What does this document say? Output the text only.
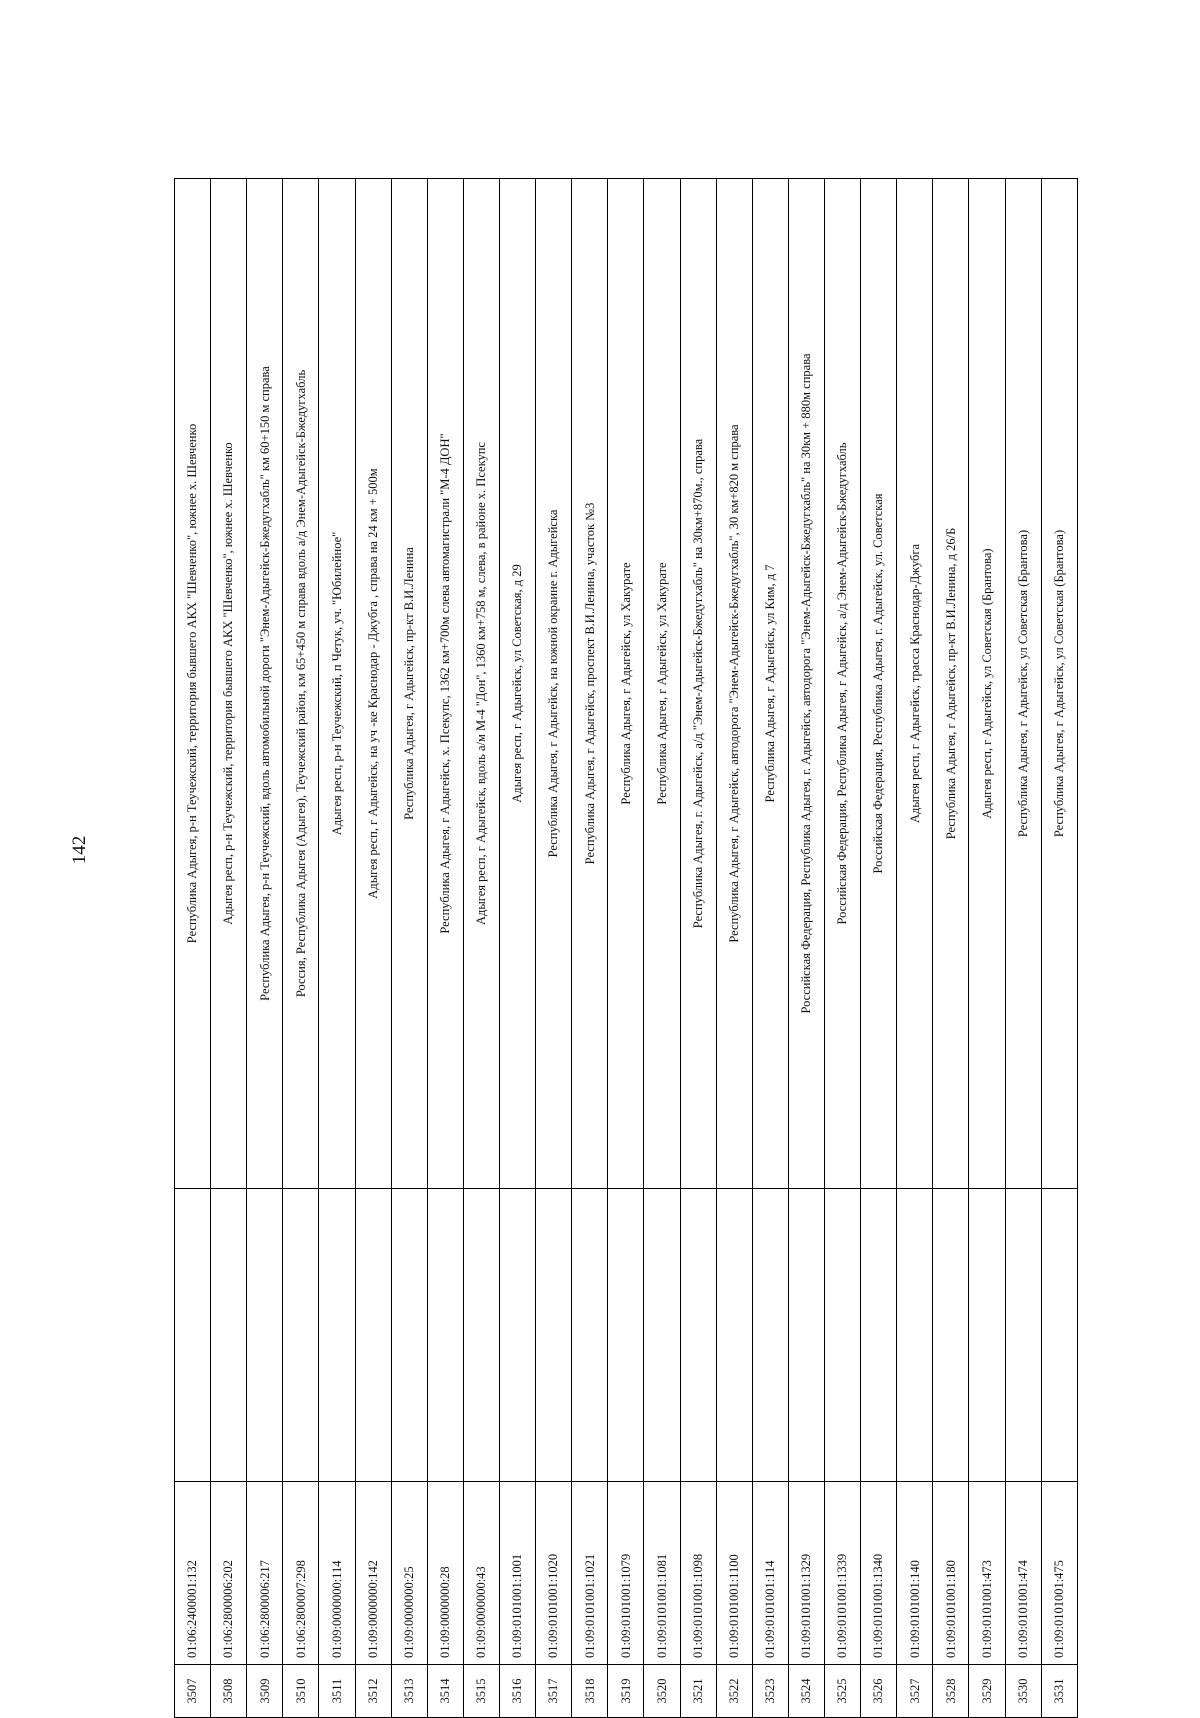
142
3507	01:06:2400001:132		Республика Адыгея, р-н Теучежский, территория бывшего АКХ "Шевченко", южнее х. Шевченко
3508	01:06:2800006:202		Адыгея респ, р-н Теучежский, территория бывшего АКХ "Шевченко", южнее х. Шевченко
3509	01:06:2800006:217		Республика Адыгея, р-н Теучежский, вдоль автомобильной дороги "Энем-Адыгейск-Бжедугхабль" км 60+150 м справа
3510	01:06:2800007:298		Россия, Республика Адыгея (Адыгея), Теучежский район, км 65+450 м справа вдоль а/д Энем-Адыгейск-Бжедугхабль
3511	01:09:0000000:114		Адыгея респ, р-н Теучежский, п Четук, уч. "Юбилейное"
3512	01:09:0000000:142		Адыгея респ, г Адыгейск, на уч -ке Краснодар - Джубга , справа на 24 км + 500м
3513	01:09:0000000:25		Республика Адыгея, г Адыгейск, пр-кт В.И.Ленина
3514	01:09:0000000:28		Республика Адыгея, г Адыгейск, х. Псекупс, 1362 км+700м слева автомагистрали "М-4 ДОН"
3515	01:09:0000000:43		Адыгея респ, г Адыгейск, вдоль а/м М-4 "Дон", 1360 км+758 м, слева, в районе х. Псекупс
3516	01:09:0101001:1001		Адыгея респ, г Адыгейск, ул Советская, д 29
3517	01:09:0101001:1020		Республика Адыгея, г Адыгейск, на южной окраине г. Адыгейска
3518	01:09:0101001:1021		Республика Адыгея, г Адыгейск, проспект В.И.Ленина, участок №3
3519	01:09:0101001:1079		Республика Адыгея, г Адыгейск, ул Хакурате
3520	01:09:0101001:1081		Республика Адыгея, г Адыгейск, ул Хакурате
3521	01:09:0101001:1098		Республика Адыгея, г. Адыгейск, а/д "Энем-Адыгейск-Бжедугхабль" на 30км+870м., справа
3522	01:09:0101001:1100		Республика Адыгея, г Адыгейск, автодорога "Энем-Адыгейск-Бжедугхабль", 30 км+820 м справа
3523	01:09:0101001:114		Республика Адыгея, г Адыгейск, ул Ким, д 7
3524	01:09:0101001:1329		Российская Федерация, Республика Адыгея, г. Адыгейск, автодорога "Энем-Адыгейск-Бжедугхабль" на 30км + 880м справа
3525	01:09:0101001:1339		Российская Федерация, Республика Адыгея, г Адыгейск, а/д Энем-Адыгейск-Бжедугхабль
3526	01:09:0101001:1340		Российская Федерация, Республика Адыгея, г. Адыгейск, ул. Советская
3527	01:09:0101001:140		Адыгея респ, г Адыгейск, трасса Краснодар-Джубга
3528	01:09:0101001:180		Республика Адыгея, г Адыгейск, пр-кт В.И.Ленина, д 26/Б
3529	01:09:0101001:473		Адыгея респ, г Адыгейск, ул Советская (Брантова)
3530	01:09:0101001:474		Республика Адыгея, г Адыгейск, ул Советская (Брантова)
3531	01:09:0101001:475		Республика Адыгея, г Адыгейск, ул Советская (Брантова)
